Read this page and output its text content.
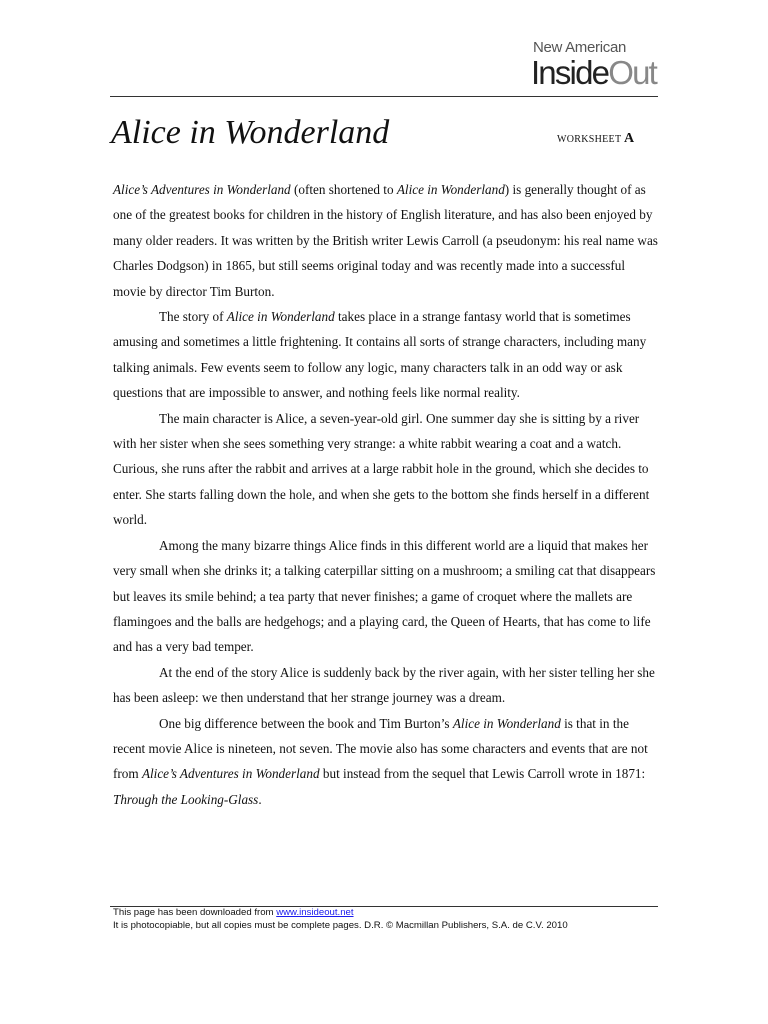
New American
InsideOut
Alice in Wonderland	WORKSHEET A

Alice’s Adventures in Wonderland (often shortened to Alice in Wonderland) is generally thought of as one of the greatest books for children in the history of English literature, and has also been enjoyed by many older readers. It was written by the British writer Lewis Carroll (a pseudonym: his real name was Charles Dodgson) in 1865, but still seems original today and was recently made into a successful movie by director Tim Burton.

The story of Alice in Wonderland takes place in a strange fantasy world that is sometimes amusing and sometimes a little frightening. It contains all sorts of strange characters, including many talking animals. Few events seem to follow any logic, many characters talk in an odd way or ask questions that are impossible to answer, and nothing feels like normal reality.

The main character is Alice, a seven-year-old girl. One summer day she is sitting by a river with her sister when she sees something very strange: a white rabbit wearing a coat and a watch. Curious, she runs after the rabbit and arrives at a large rabbit hole in the ground, which she decides to enter. She starts falling down the hole, and when she gets to the bottom she finds herself in a different world.

Among the many bizarre things Alice finds in this different world are a liquid that makes her very small when she drinks it; a talking caterpillar sitting on a mushroom; a smiling cat that disappears but leaves its smile behind; a tea party that never finishes; a game of croquet where the mallets are flamingoes and the balls are hedgehogs; and a playing card, the Queen of Hearts, that has come to life and has a very bad temper.

At the end of the story Alice is suddenly back by the river again, with her sister telling her she has been asleep: we then understand that her strange journey was a dream.

One big difference between the book and Tim Burton’s Alice in Wonderland is that in the recent movie Alice is nineteen, not seven. The movie also has some characters and events that are not from Alice’s Adventures in Wonderland but instead from the sequel that Lewis Carroll wrote in 1871: Through the Looking-Glass.

This page has been downloaded from www.insideout.net
It is photocopiable, but all copies must be complete pages. D.R. © Macmillan Publishers, S.A. de C.V. 2010
